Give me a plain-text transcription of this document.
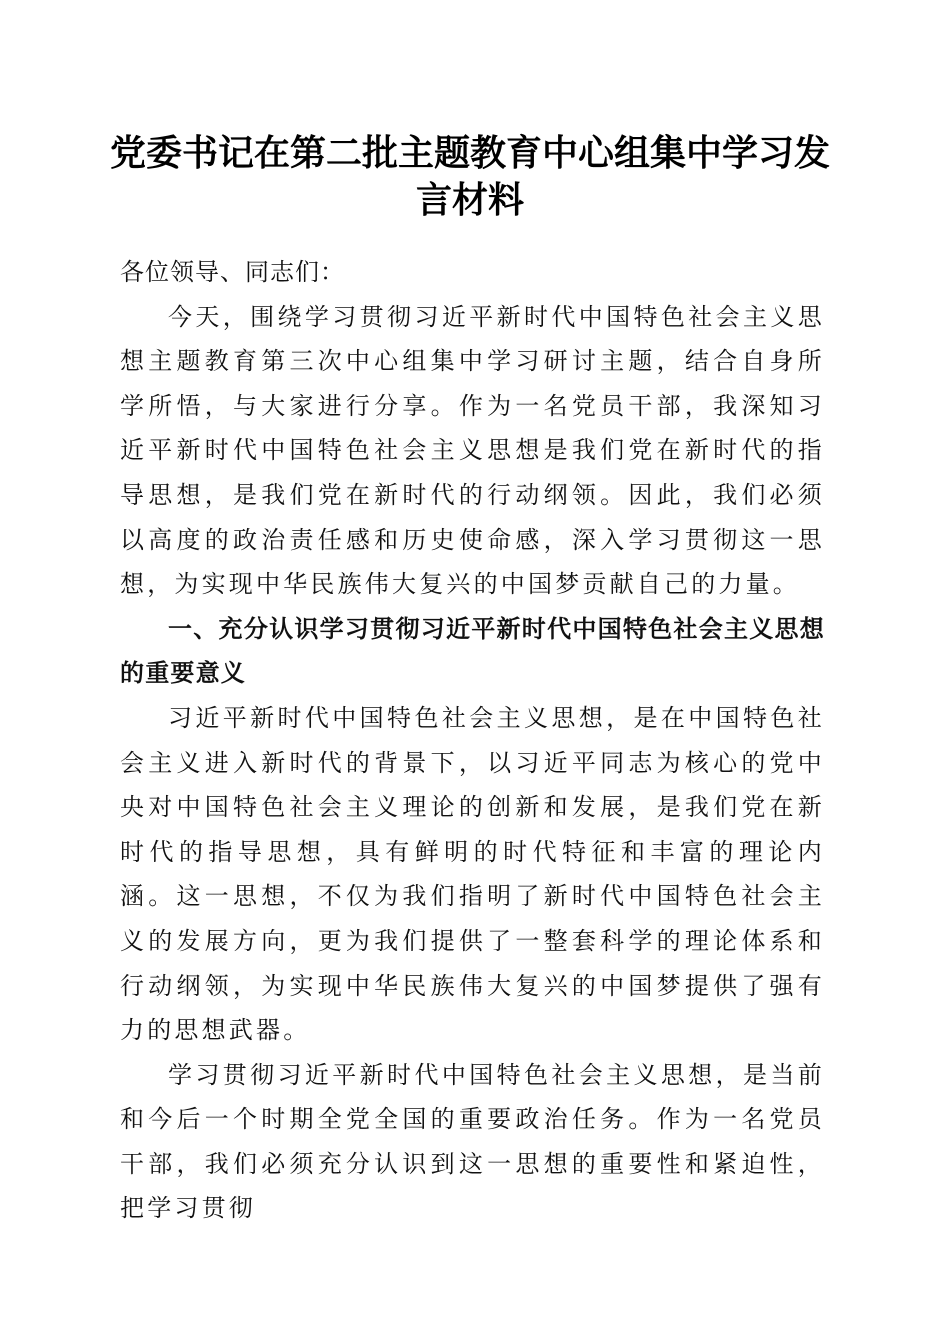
党委书记在第二批主题教育中心组集中学习发
言材料

各位领导、同志们：

今天，围绕学习贯彻习近平新时代中国特色社会主义思想主题教育第三次中心组集中学习研讨主题，结合自身所学所悟，与大家进行分享。作为一名党员干部，我深知习近平新时代中国特色社会主义思想是我们党在新时代的指导思想，是我们党在新时代的行动纲领。因此，我们必须以高度的政治责任感和历史使命感，深入学习贯彻这一思想，为实现中华民族伟大复兴的中国梦贡献自己的力量。

一、充分认识学习贯彻习近平新时代中国特色社会主义思想的重要意义

习近平新时代中国特色社会主义思想，是在中国特色社会主义进入新时代的背景下，以习近平同志为核心的党中央对中国特色社会主义理论的创新和发展，是我们党在新时代的指导思想，具有鲜明的时代特征和丰富的理论内涵。这一思想，不仅为我们指明了新时代中国特色社会主义的发展方向，更为我们提供了一整套科学的理论体系和行动纲领，为实现中华民族伟大复兴的中国梦提供了强有力的思想武器。

学习贯彻习近平新时代中国特色社会主义思想，是当前和今后一个时期全党全国的重要政治任务。作为一名党员干部，我们必须充分认识到这一思想的重要性和紧迫性，把学习贯彻
